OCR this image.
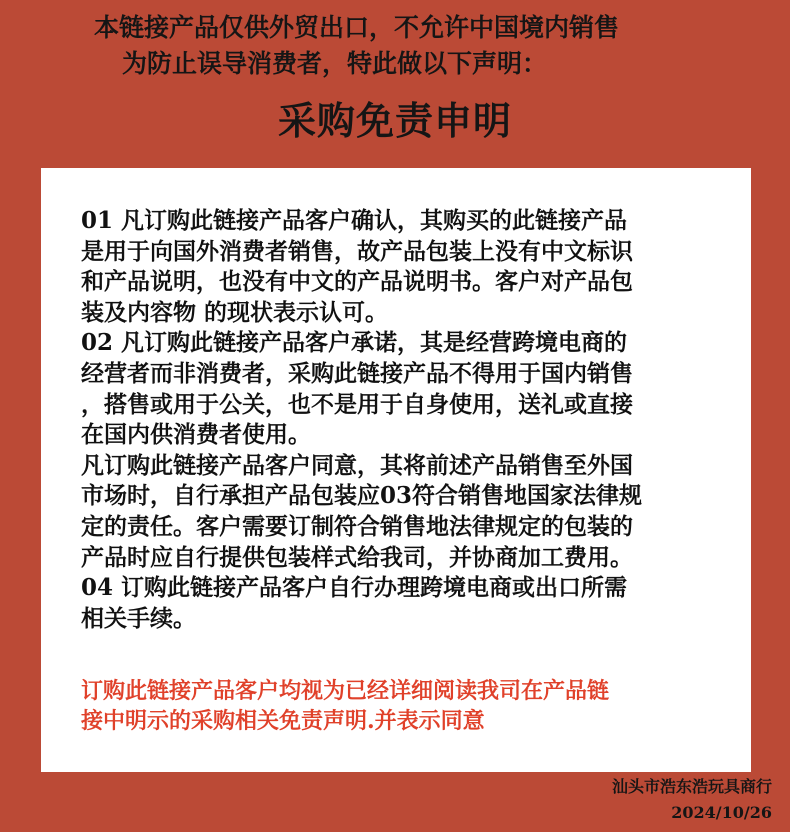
本链接产品仅供外贸出口，不允许中国境内销售
为防止误导消费者，特此做以下声明：
采购免责申明
01 凡订购此链接产品客户确认，其购买的此链接产品
是用于向国外消费者销售，故产品包装上没有中文标识
和产品说明，也没有中文的产品说明书。客户对产品包
装及内容物 的现状表示认可。
02 凡订购此链接产品客户承诺，其是经营跨境电商的
经营者而非消费者，采购此链接产品不得用于国内销售
，搭售或用于公关，也不是用于自身使用，送礼或直接
在国内供消费者使用。
凡订购此链接产品客户同意，其将前述产品销售至外国
市场时，自行承担产品包装应03符合销售地国家法律规
定的责任。客户需要订制符合销售地法律规定的包装的
产品时应自行提供包装样式给我司，并协商加工费用。
04 订购此链接产品客户自行办理跨境电商或出口所需
相关手续。
订购此链接产品客户均视为已经详细阅读我司在产品链
接中明示的采购相关免责声明.并表示同意
汕头市浩东浩玩具商行
2024/10/26
